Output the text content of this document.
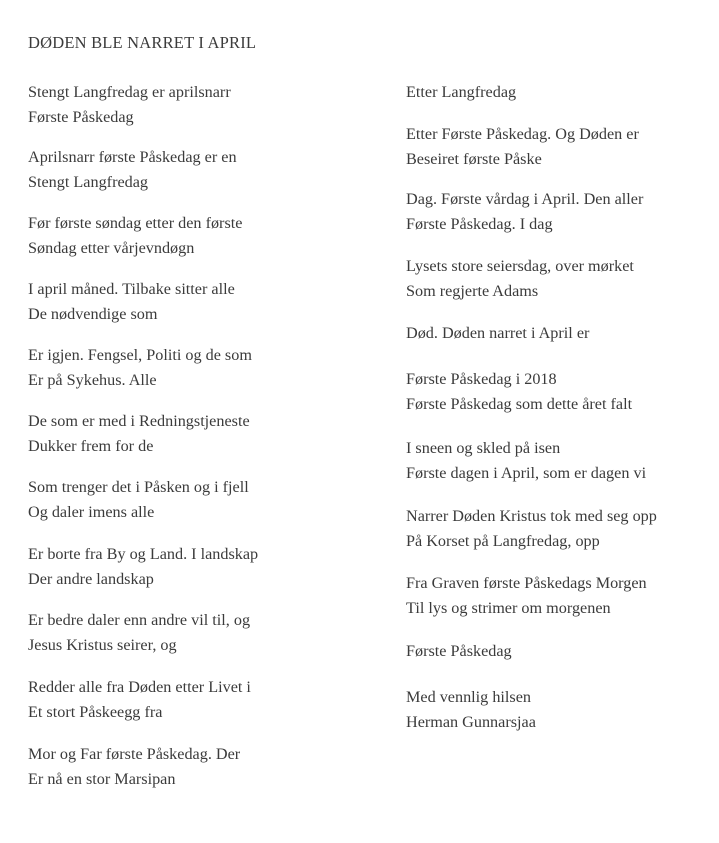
DØDEN BLE NARRET I APRIL
Stengt Langfredag er aprilsnarr
Første Påskedag
Aprilsnarr første Påskedag er en
Stengt Langfredag
Før første søndag etter den første
Søndag etter vårjevndøgn
I april måned. Tilbake sitter alle
De nødvendige som
Er igjen. Fengsel, Politi og de som
Er på Sykehus. Alle
De som er med i Redningstjeneste
Dukker frem for de
Som trenger det i Påsken og i fjell
Og daler imens alle
Er borte fra By og Land. I landskap
Der andre landskap
Er bedre daler enn andre vil til, og
Jesus Kristus seirer, og
Redder alle fra Døden etter Livet i
Et stort Påskeegg fra
Mor og Far første Påskedag. Der
Er nå en stor Marsipan
Etter Langfredag
Etter Første Påskedag. Og Døden er
Beseiret første Påske
Dag. Første vårdag i April. Den aller
Første Påskedag. I dag
Lysets store seiersdag, over mørket
Som regjerte Adams
Død. Døden narret i April er
Første Påskedag i 2018
Første Påskedag som dette året falt
I sneen og skled på isen
Første dagen i April, som er dagen vi
Narrer Døden Kristus tok med seg opp
På Korset på Langfredag, opp
Fra Graven første Påskedags Morgen
Til lys og strimer om morgenen
Første Påskedag
Med vennlig hilsen
Herman Gunnarsjaa
